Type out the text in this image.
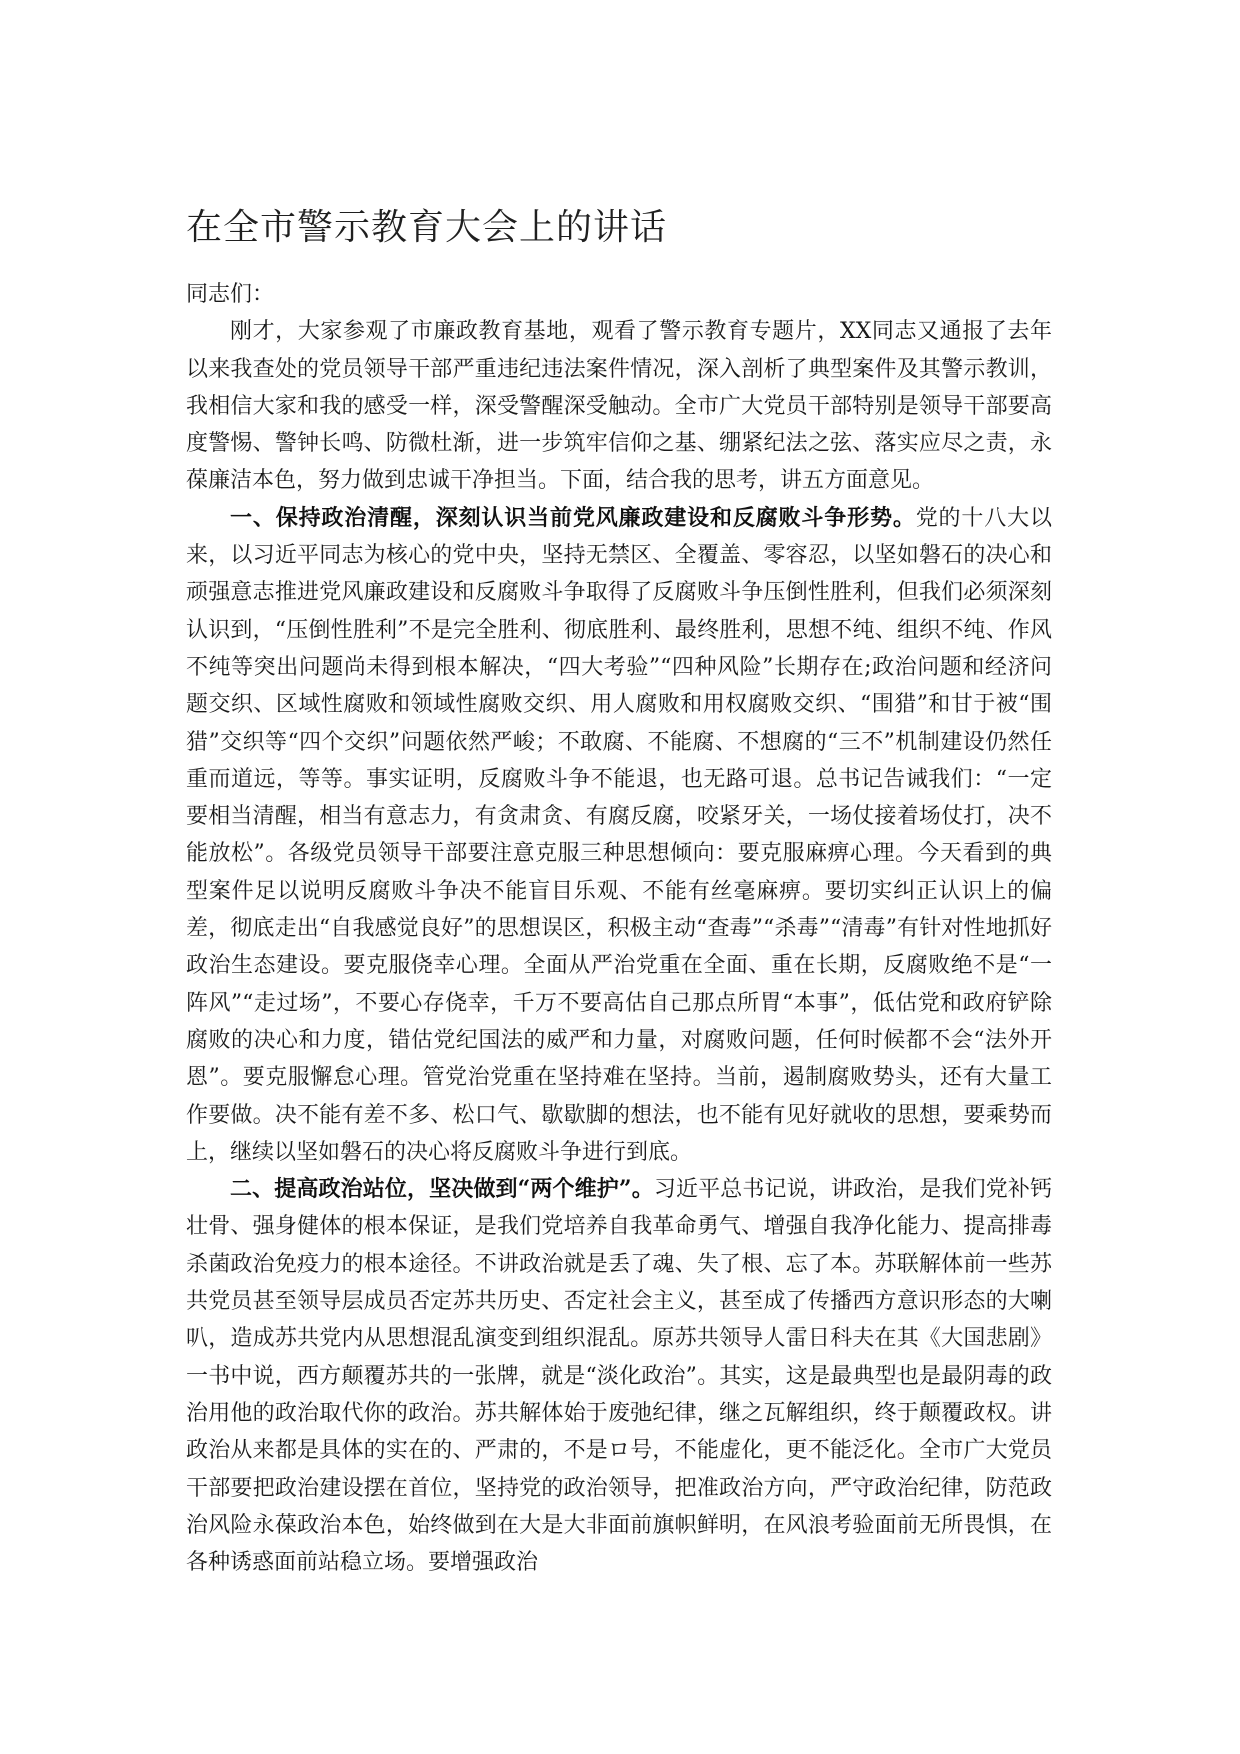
在全市警示教育大会上的讲话

同志们：

刚才，大家参观了市廉政教育基地，观看了警示教育专题片，XX同志又通报了去年以来我查处的党员领导干部严重违纪违法案件情况，深入剖析了典型案件及其警示教训，我相信大家和我的感受一样，深受警醒深受触动。全市广大党员干部特别是领导干部要高度警惕、警钟长鸣、防微杜渐，进一步筑牢信仰之基、绷紧纪法之弦、落实应尽之责，永葆廉洁本色，努力做到忠诚干净担当。下面，结合我的思考，讲五方面意见。

一、保持政治清醒，深刻认识当前党风廉政建设和反腐败斗争形势。党的十八大以来，以习近平同志为核心的党中央，坚持无禁区、全覆盖、零容忍，以坚如磐石的决心和顽强意志推进党风廉政建设和反腐败斗争取得了反腐败斗争压倒性胜利，但我们必须深刻认识到，“压倒性胜利”不是完全胜利、彻底胜利、最终胜利，思想不纯、组织不纯、作风不纯等突出问题尚未得到根本解决，“四大考验”“四种风险”长期存在;政治问题和经济问题交织、区域性腐败和领域性腐败交织、用人腐败和用权腐败交织、“围猎”和甘于被“围猎”交织等“四个交织”问题依然严峻；不敢腐、不能腐、不想腐的“三不”机制建设仍然任重而道远，等等。事实证明，反腐败斗争不能退，也无路可退。总书记告诫我们：“一定要相当清醒，相当有意志力，有贪肃贪、有腐反腐，咬紧牙关，一场仗接着场仗打，决不能放松”。各级党员领导干部要注意克服三种思想倾向：要克服麻痹心理。今天看到的典型案件足以说明反腐败斗争决不能盲目乐观、不能有丝毫麻痹。要切实纠正认识上的偏差，彻底走出“自我感觉良好”的思想误区，积极主动“查毒”“杀毒”“清毒”有针对性地抓好政治生态建设。要克服侥幸心理。全面从严治党重在全面、重在长期，反腐败绝不是“一阵风”“走过场”，不要心存侥幸，千万不要高估自己那点所胃“本事”，低估党和政府铲除腐败的决心和力度，错估党纪国法的威严和力量，对腐败问题，任何时候都不会“法外开恩”。要克服懈怠心理。管党治党重在坚持难在坚持。当前，遏制腐败势头，还有大量工作要做。决不能有差不多、松口气、歇歇脚的想法，也不能有见好就收的思想，要乘势而上，继续以坚如磐石的决心将反腐败斗争进行到底。

二、提高政治站位，坚决做到“两个维护”。习近平总书记说，讲政治，是我们党补钙壮骨、强身健体的根本保证，是我们党培养自我革命勇气、增强自我净化能力、提高排毒杀菌政治免疫力的根本途径。不讲政治就是丢了魂、失了根、忘了本。苏联解体前一些苏共党员甚至领导层成员否定苏共历史、否定社会主义，甚至成了传播西方意识形态的大喇叭，造成苏共党内从思想混乱演变到组织混乱。原苏共领导人雷日科夫在其《大国悲剧》一书中说，西方颠覆苏共的一张牌，就是“淡化政治”。其实，这是最典型也是最阴毒的政治用他的政治取代你的政治。苏共解体始于废弛纪律，继之瓦解组织，终于颠覆政权。讲政治从来都是具体的实在的、严肃的，不是ロ号，不能虚化，更不能泛化。全市广大党员干部要把政治建设摆在首位，坚持党的政治领导，把准政治方向，严守政治纪律，防范政治风险永葆政治本色，始终做到在大是大非面前旗帜鲜明，在风浪考验面前无所畏惧，在各种诱惑面前站稳立场。要增强政治
